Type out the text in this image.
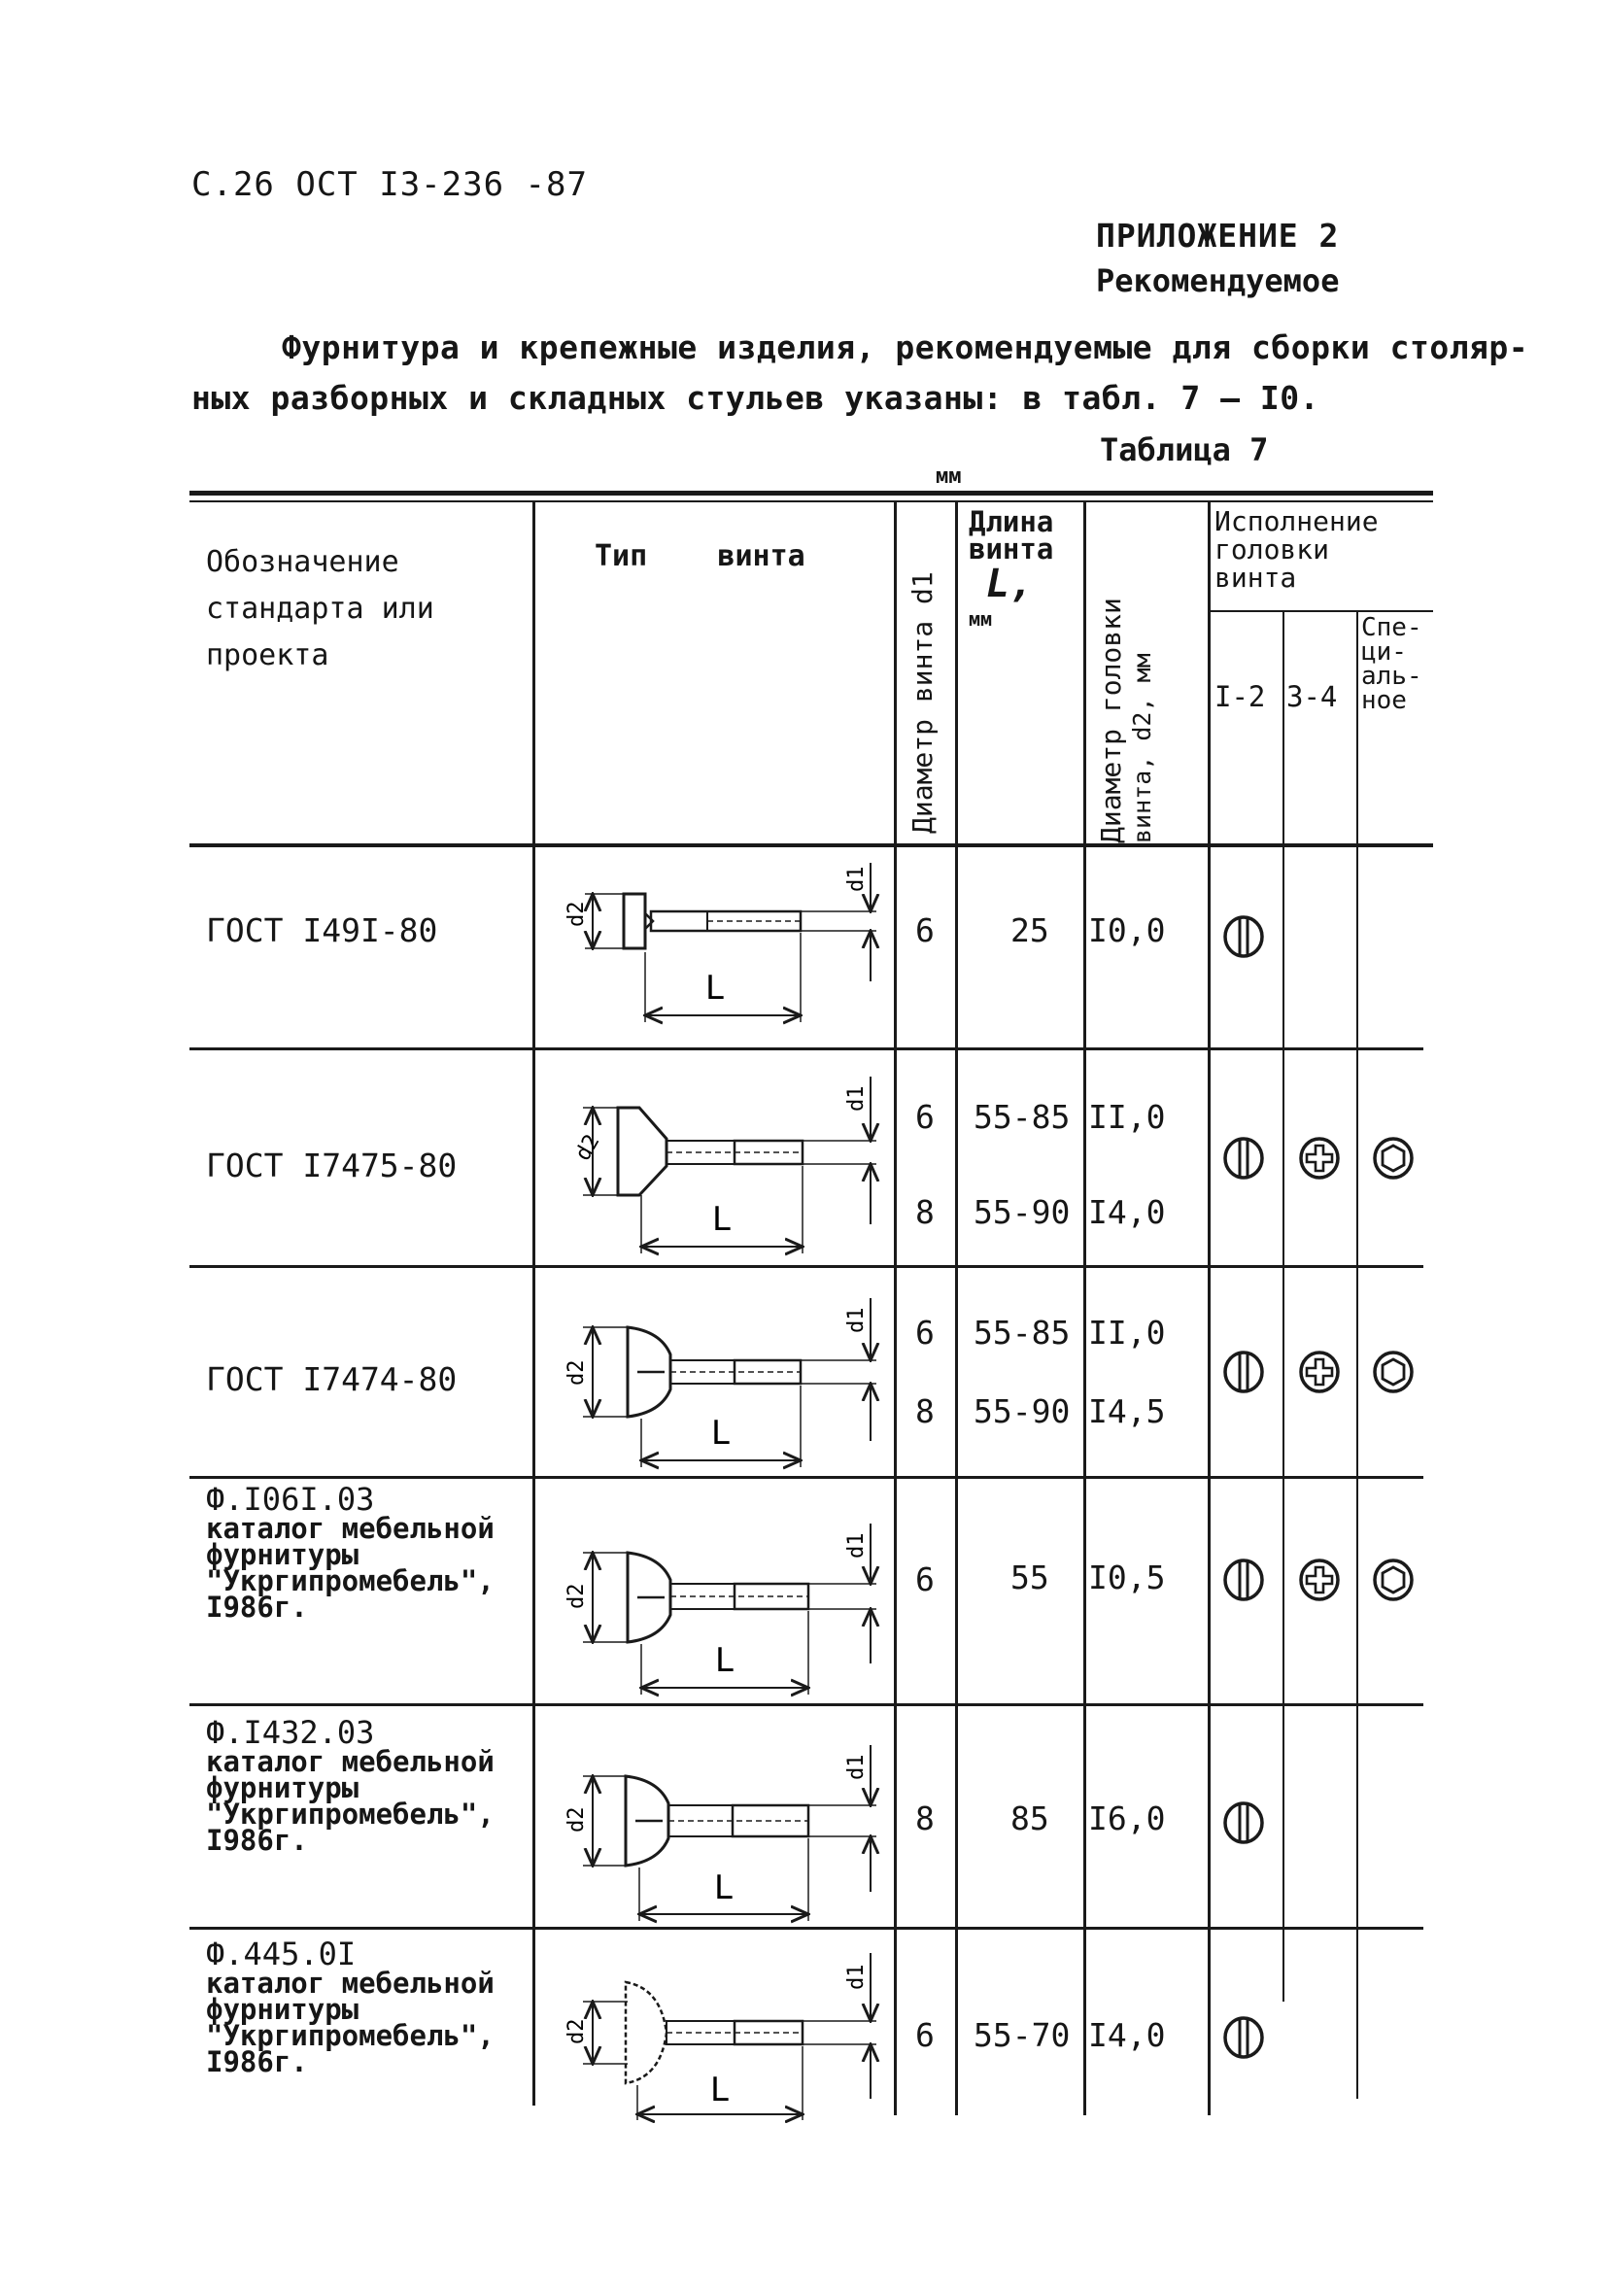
С.26 ОСТ I3-236 -87
ПРИЛОЖЕНИЕ 2
Рекомендуемое
Фурнитура и крепежные изделия, рекомендуемые для сборки столяр-
ных разборных и складных стульев указаны: в табл. 7 – I0.
Таблица 7
мм
Обозначение
стандарта или
проекта
Тип    винта
Диаметр винта d1
Длина
винта
L,
мм	Диаметр головки винта, d2, мм
Исполнение
головки
винта
I-2 3-4
Спе-
ци-
аль-
ное
ГОСТ I49I-80
L
d2
d1
6 25 I0,0
ГОСТ I7475-80
L
d2
d1 6 55-85 II,0
8 55-90 I4,0
ГОСТ I7474-80
L
d2
d1 6 55-85 II,0
8 55-90 I4,5
Ф.I06I.03
каталог мебельной
фурнитуры
"Укргипромебель",
I986г.
L
d2
d1
6 55 I0,5
Ф.I432.03
каталог мебельной
фурнитуры
"Укргипромебель",
I986г.
L
d2
d1
8 85 I6,0
Ф.445.0I
каталог мебельной
фурнитуры
"Укргипромебель",
I986г.
L
d2
d1
6 55-70 I4,0
